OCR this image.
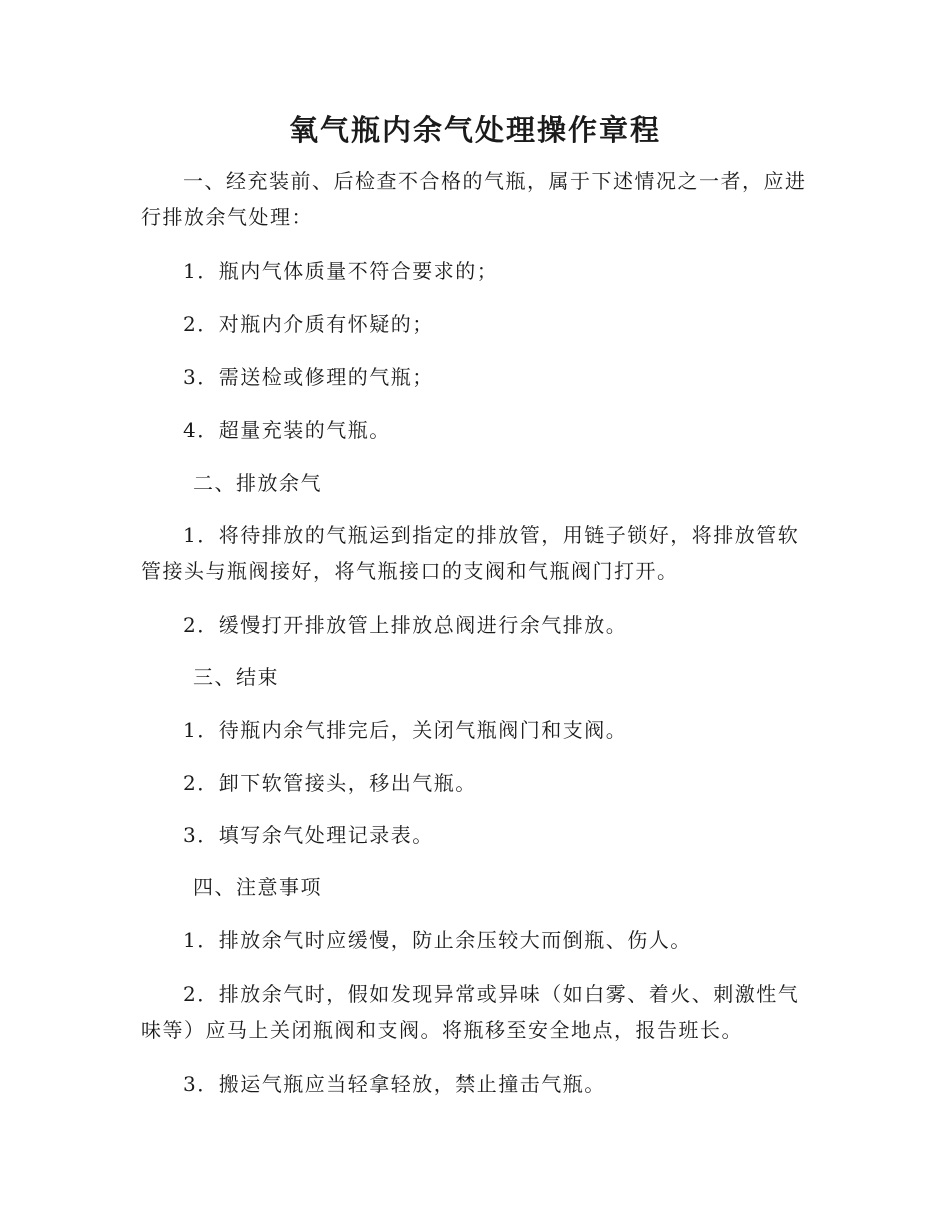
氧气瓶内余气处理操作章程

一、经充装前、后检查不合格的气瓶，属于下述情况之一者，应进行排放余气处理：

1．瓶内气体质量不符合要求的；

2．对瓶内介质有怀疑的；

3．需送检或修理的气瓶；

4．超量充装的气瓶。

二、排放余气

1．将待排放的气瓶运到指定的排放管，用链子锁好，将排放管软管接头与瓶阀接好，将气瓶接口的支阀和气瓶阀门打开。

2．缓慢打开排放管上排放总阀进行余气排放。

三、结束

1．待瓶内余气排完后，关闭气瓶阀门和支阀。

2．卸下软管接头，移出气瓶。

3．填写余气处理记录表。

四、注意事项

1．排放余气时应缓慢，防止余压较大而倒瓶、伤人。

2．排放余气时，假如发现异常或异味（如白雾、着火、刺激性气味等）应马上关闭瓶阀和支阀。将瓶移至安全地点，报告班长。

3．搬运气瓶应当轻拿轻放，禁止撞击气瓶。
